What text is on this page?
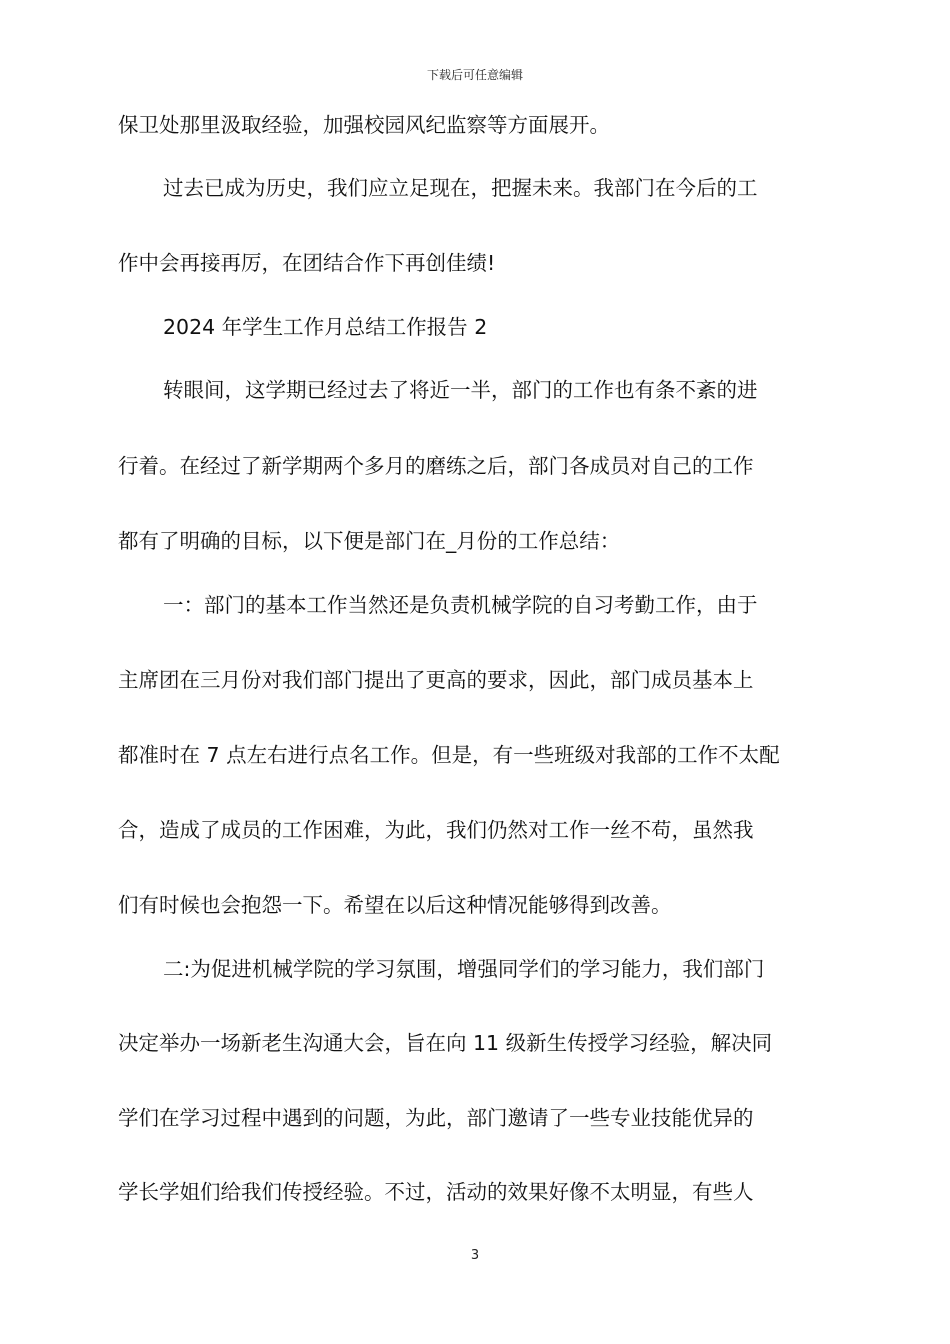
下载后可任意编辑
保卫处那里汲取经验，加强校园风纪监察等方面展开。
过去已成为历史，我们应立足现在，把握未来。我部门在今后的工
作中会再接再厉，在团结合作下再创佳绩!
2024 年学生工作月总结工作报告 2
转眼间，这学期已经过去了将近一半，部门的工作也有条不紊的进
行着。在经过了新学期两个多月的磨练之后，部门各成员对自己的工作
都有了明确的目标，以下便是部门在_月份的工作总结：
一：部门的基本工作当然还是负责机械学院的自习考勤工作，由于
主席团在三月份对我们部门提出了更高的要求，因此，部门成员基本上
都准时在 7 点左右进行点名工作。但是，有一些班级对我部的工作不太配
合，造成了成员的工作困难，为此，我们仍然对工作一丝不苟，虽然我
们有时候也会抱怨一下。希望在以后这种情况能够得到改善。
二:为促进机械学院的学习氛围，增强同学们的学习能力，我们部门
决定举办一场新老生沟通大会，旨在向 11 级新生传授学习经验，解决同
学们在学习过程中遇到的问题，为此，部门邀请了一些专业技能优异的
学长学姐们给我们传授经验。不过，活动的效果好像不太明显，有些人
3
